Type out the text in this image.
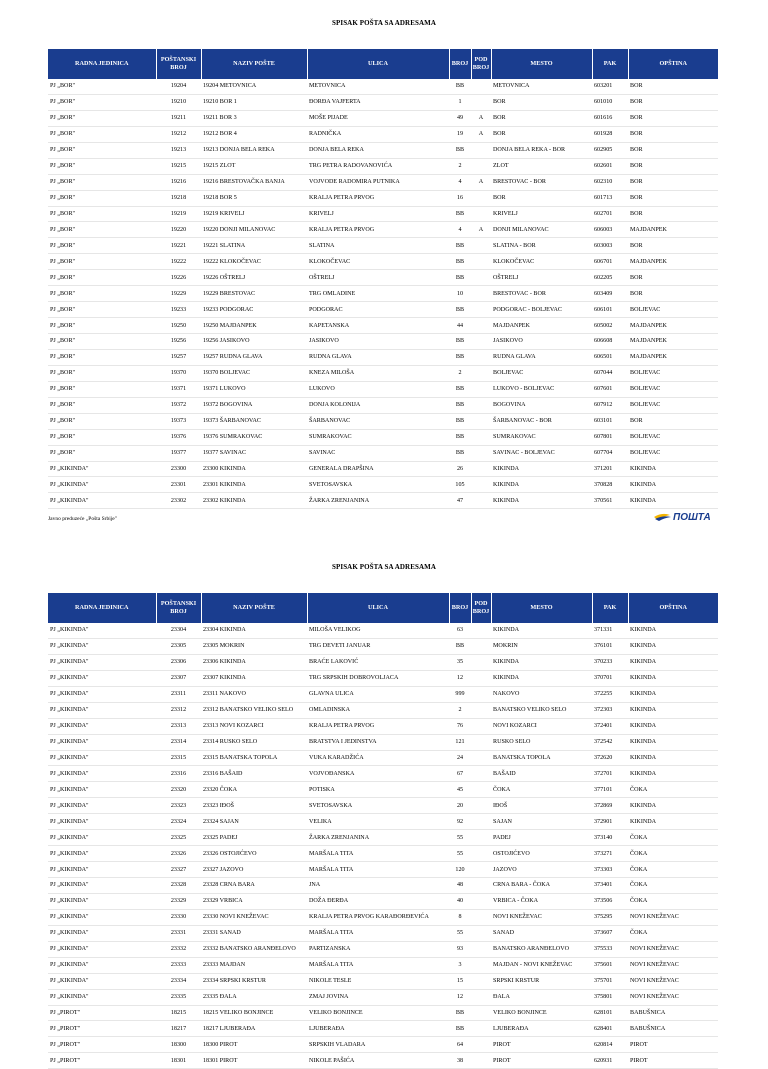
SPISAK POŠTA SA ADRESAMA
RADNA JEDINICA	POŠTANSKI BROJ	NAZIV POŠTE	ULICA	BROJ	POD BROJ	MESTO	PAK	OPŠTINA
PJ „BOR"	19204	19204 METOVNICA	METOVNICA	BB		METOVNICA	603201	BOR
PJ „BOR"	19210	19210 BOR 1	ĐORĐA VAJFERTA	1		BOR	601010	BOR
PJ „BOR"	19211	19211 BOR 3	MOŠE PIJADE	49	A	BOR	601616	BOR
PJ „BOR"	19212	19212 BOR 4	RADNIČKA	19	A	BOR	601928	BOR
PJ „BOR"	19213	19213 DONJA BELA REKA	DONJA BELA REKA	BB		DONJA BELA REKA - BOR	602905	BOR
PJ „BOR"	19215	19215 ZLOT	TRG PETRA RADOVANOVIĆA	2		ZLOT	602601	BOR
PJ „BOR"	19216	19216 BRESTOVAČKA BANJA	VOJVODE RADOMIRA PUTNIKA	4	A	BRESTOVAC - BOR	602310	BOR
PJ „BOR"	19218	19218 BOR 5	KRALJA PETRA PRVOG	16		BOR	601713	BOR
PJ „BOR"	19219	19219 KRIVELJ	KRIVELJ	BB		KRIVELJ	602701	BOR
PJ „BOR"	19220	19220 DONJI MILANOVAC	KRALJA PETRA PRVOG	4	A	DONJI MILANOVAC	606003	MAJDANPEK
PJ „BOR"	19221	19221 SLATINA	SLATINA	BB		SLATINA - BOR	603003	BOR
PJ „BOR"	19222	19222 KLOKOČEVAC	KLOKOČEVAC	BB		KLOKOČEVAC	606701	MAJDANPEK
PJ „BOR"	19226	19226 OŠTRELJ	OŠTRELJ	BB		OŠTRELJ	602205	BOR
PJ „BOR"	19229	19229 BRESTOVAC	TRG OMLADINE	10		BRESTOVAC - BOR	603409	BOR
PJ „BOR"	19233	19233 PODGORAC	PODGORAC	BB		PODGORAC - BOLJEVAC	606101	BOLJEVAC
PJ „BOR"	19250	19250 MAJDANPEK	KAPETANSKA	44		MAJDANPEK	605002	MAJDANPEK
PJ „BOR"	19256	19256 JASIKOVO	JASIKOVO	BB		JASIKOVO	606608	MAJDANPEK
PJ „BOR"	19257	19257 RUDNA GLAVA	RUDNA GLAVA	BB		RUDNA GLAVA	606501	MAJDANPEK
PJ „BOR"	19370	19370 BOLJEVAC	KNEZA MILOŠA	2		BOLJEVAC	607044	BOLJEVAC
PJ „BOR"	19371	19371 LUKOVO	LUKOVO	BB		LUKOVO - BOLJEVAC	607601	BOLJEVAC
PJ „BOR"	19372	19372 BOGOVINA	DONJA KOLONIJA	BB		BOGOVINA	607912	BOLJEVAC
PJ „BOR"	19373	19373 ŠARBANOVAC	ŠARBANOVAC	BB		ŠARBANOVAC - BOR	603101	BOR
PJ „BOR"	19376	19376 SUMRAKOVAC	SUMRAKOVAC	BB		SUMRAKOVAC	607801	BOLJEVAC
PJ „BOR"	19377	19377 SAVINAC	SAVINAC	BB		SAVINAC - BOLJEVAC	607704	BOLJEVAC
PJ „KIKINDA"	23300	23300 KIKINDA	GENERALA DRAPŠINA	26		KIKINDA	371201	KIKINDA
PJ „KIKINDA"	23301	23301 KIKINDA	SVETOSAVSKA	105		KIKINDA	370828	KIKINDA
PJ „KIKINDA"	23302	23302 KIKINDA	ŽARKA ZRENJANINA	47		KIKINDA	370561	KIKINDA
Javno preduzeće „Pošta Srbije"	ПОШТА
SPISAK POŠTA SA ADRESAMA
RADNA JEDINICA	POŠTANSKI BROJ	NAZIV POŠTE	ULICA	BROJ	POD BROJ	MESTO	PAK	OPŠTINA
PJ „KIKINDA"	23304	23304 KIKINDA	MILOŠA VELIKOG	63		KIKINDA	371331	KIKINDA
PJ „KIKINDA"	23305	23305 MOKRIN	TRG DEVETI JANUAR	BB		MOKRIN	376101	KIKINDA
PJ „KIKINDA"	23306	23306 KIKINDA	BRAĆE LAKOVIĆ	35		KIKINDA	370233	KIKINDA
PJ „KIKINDA"	23307	23307 KIKINDA	TRG SRPSKIH DOBROVOLJACA	12		KIKINDA	370701	KIKINDA
PJ „KIKINDA"	23311	23311 NAKOVO	GLAVNA ULICA	999		NAKOVO	372255	KIKINDA
PJ „KIKINDA"	23312	23312 BANATSKO VELIKO SELO	OMLADINSKA	2		BANATSKO VELIKO SELO	372303	KIKINDA
PJ „KIKINDA"	23313	23313 NOVI KOZARCI	KRALJA PETRA PRVOG	76		NOVI KOZARCI	372401	KIKINDA
PJ „KIKINDA"	23314	23314 RUSKO SELO	BRATSTVA I JEDINSTVA	121		RUSKO SELO	372542	KIKINDA
PJ „KIKINDA"	23315	23315 BANATSKA TOPOLA	VUKA KARADŽIĆA	24		BANATSKA TOPOLA	372620	KIKINDA
PJ „KIKINDA"	23316	23316 BAŠAID	VOJVOĐANSKA	67		BAŠAID	372701	KIKINDA
PJ „KIKINDA"	23320	23320 ČOKA	POTISKA	45		ČOKA	377101	ČOKA
PJ „KIKINDA"	23323	23323 IĐOŠ	SVETOSAVSKA	20		IĐOŠ	372869	KIKINDA
PJ „KIKINDA"	23324	23324 SAJAN	VELIKA	92		SAJAN	372901	KIKINDA
PJ „KIKINDA"	23325	23325 PADEJ	ŽARKA ZRENJANINA	55		PADEJ	373140	ČOKA
PJ „KIKINDA"	23326	23326 OSTOJIĆEVO	MARŠALA TITA	55		OSTOJIĆEVO	373271	ČOKA
PJ „KIKINDA"	23327	23327 JAZOVO	MARŠALA TITA	120		JAZOVO	373303	ČOKA
PJ „KIKINDA"	23328	23328 CRNA BARA	JNA	48		CRNA BARA - ČOKA	373401	ČOKA
PJ „KIKINDA"	23329	23329 VRBICA	DOŽA ĐERĐA	40		VRBICA - ČOKA	373506	ČOKA
PJ „KIKINDA"	23330	23330 NOVI KNEŽEVAC	KRALJA PETRA PRVOG KARAĐORĐEVIĆA	8		NOVI KNEŽEVAC	375295	NOVI KNEŽEVAC
PJ „KIKINDA"	23331	23331 SANAD	MARŠALA TITA	55		SANAD	373607	ČOKA
PJ „KIKINDA"	23332	23332 BANATSKO ARANĐELOVO	PARTIZANSKA	93		BANATSKO ARANĐELOVO	375533	NOVI KNEŽEVAC
PJ „KIKINDA"	23333	23333 MAJDAN	MARŠALA TITA	3		MAJDAN - NOVI KNEŽEVAC	375601	NOVI KNEŽEVAC
PJ „KIKINDA"	23334	23334 SRPSKI KRSTUR	NIKOLE TESLE	15		SRPSKI KRSTUR	375701	NOVI KNEŽEVAC
PJ „KIKINDA"	23335	23335 ĐALA	ZMAJ JOVINA	12		ĐALA	375801	NOVI KNEŽEVAC
PJ „PIROT"	18215	18215 VELIKO BONJINCE	VELIKO BONJINCE	BB		VELIKO BONJINCE	628101	BABUŠNICA
PJ „PIROT"	18217	18217 LJUBERAĐA	LJUBERAĐA	BB		LJUBERAĐA	628401	BABUŠNICA
PJ „PIROT"	18300	18300 PIROT	SRPSKIH VLADARA	64		PIROT	620814	PIROT
PJ „PIROT"	18301	18301 PIROT	NIKOLE PAŠIĆA	38		PIROT	620931	PIROT
